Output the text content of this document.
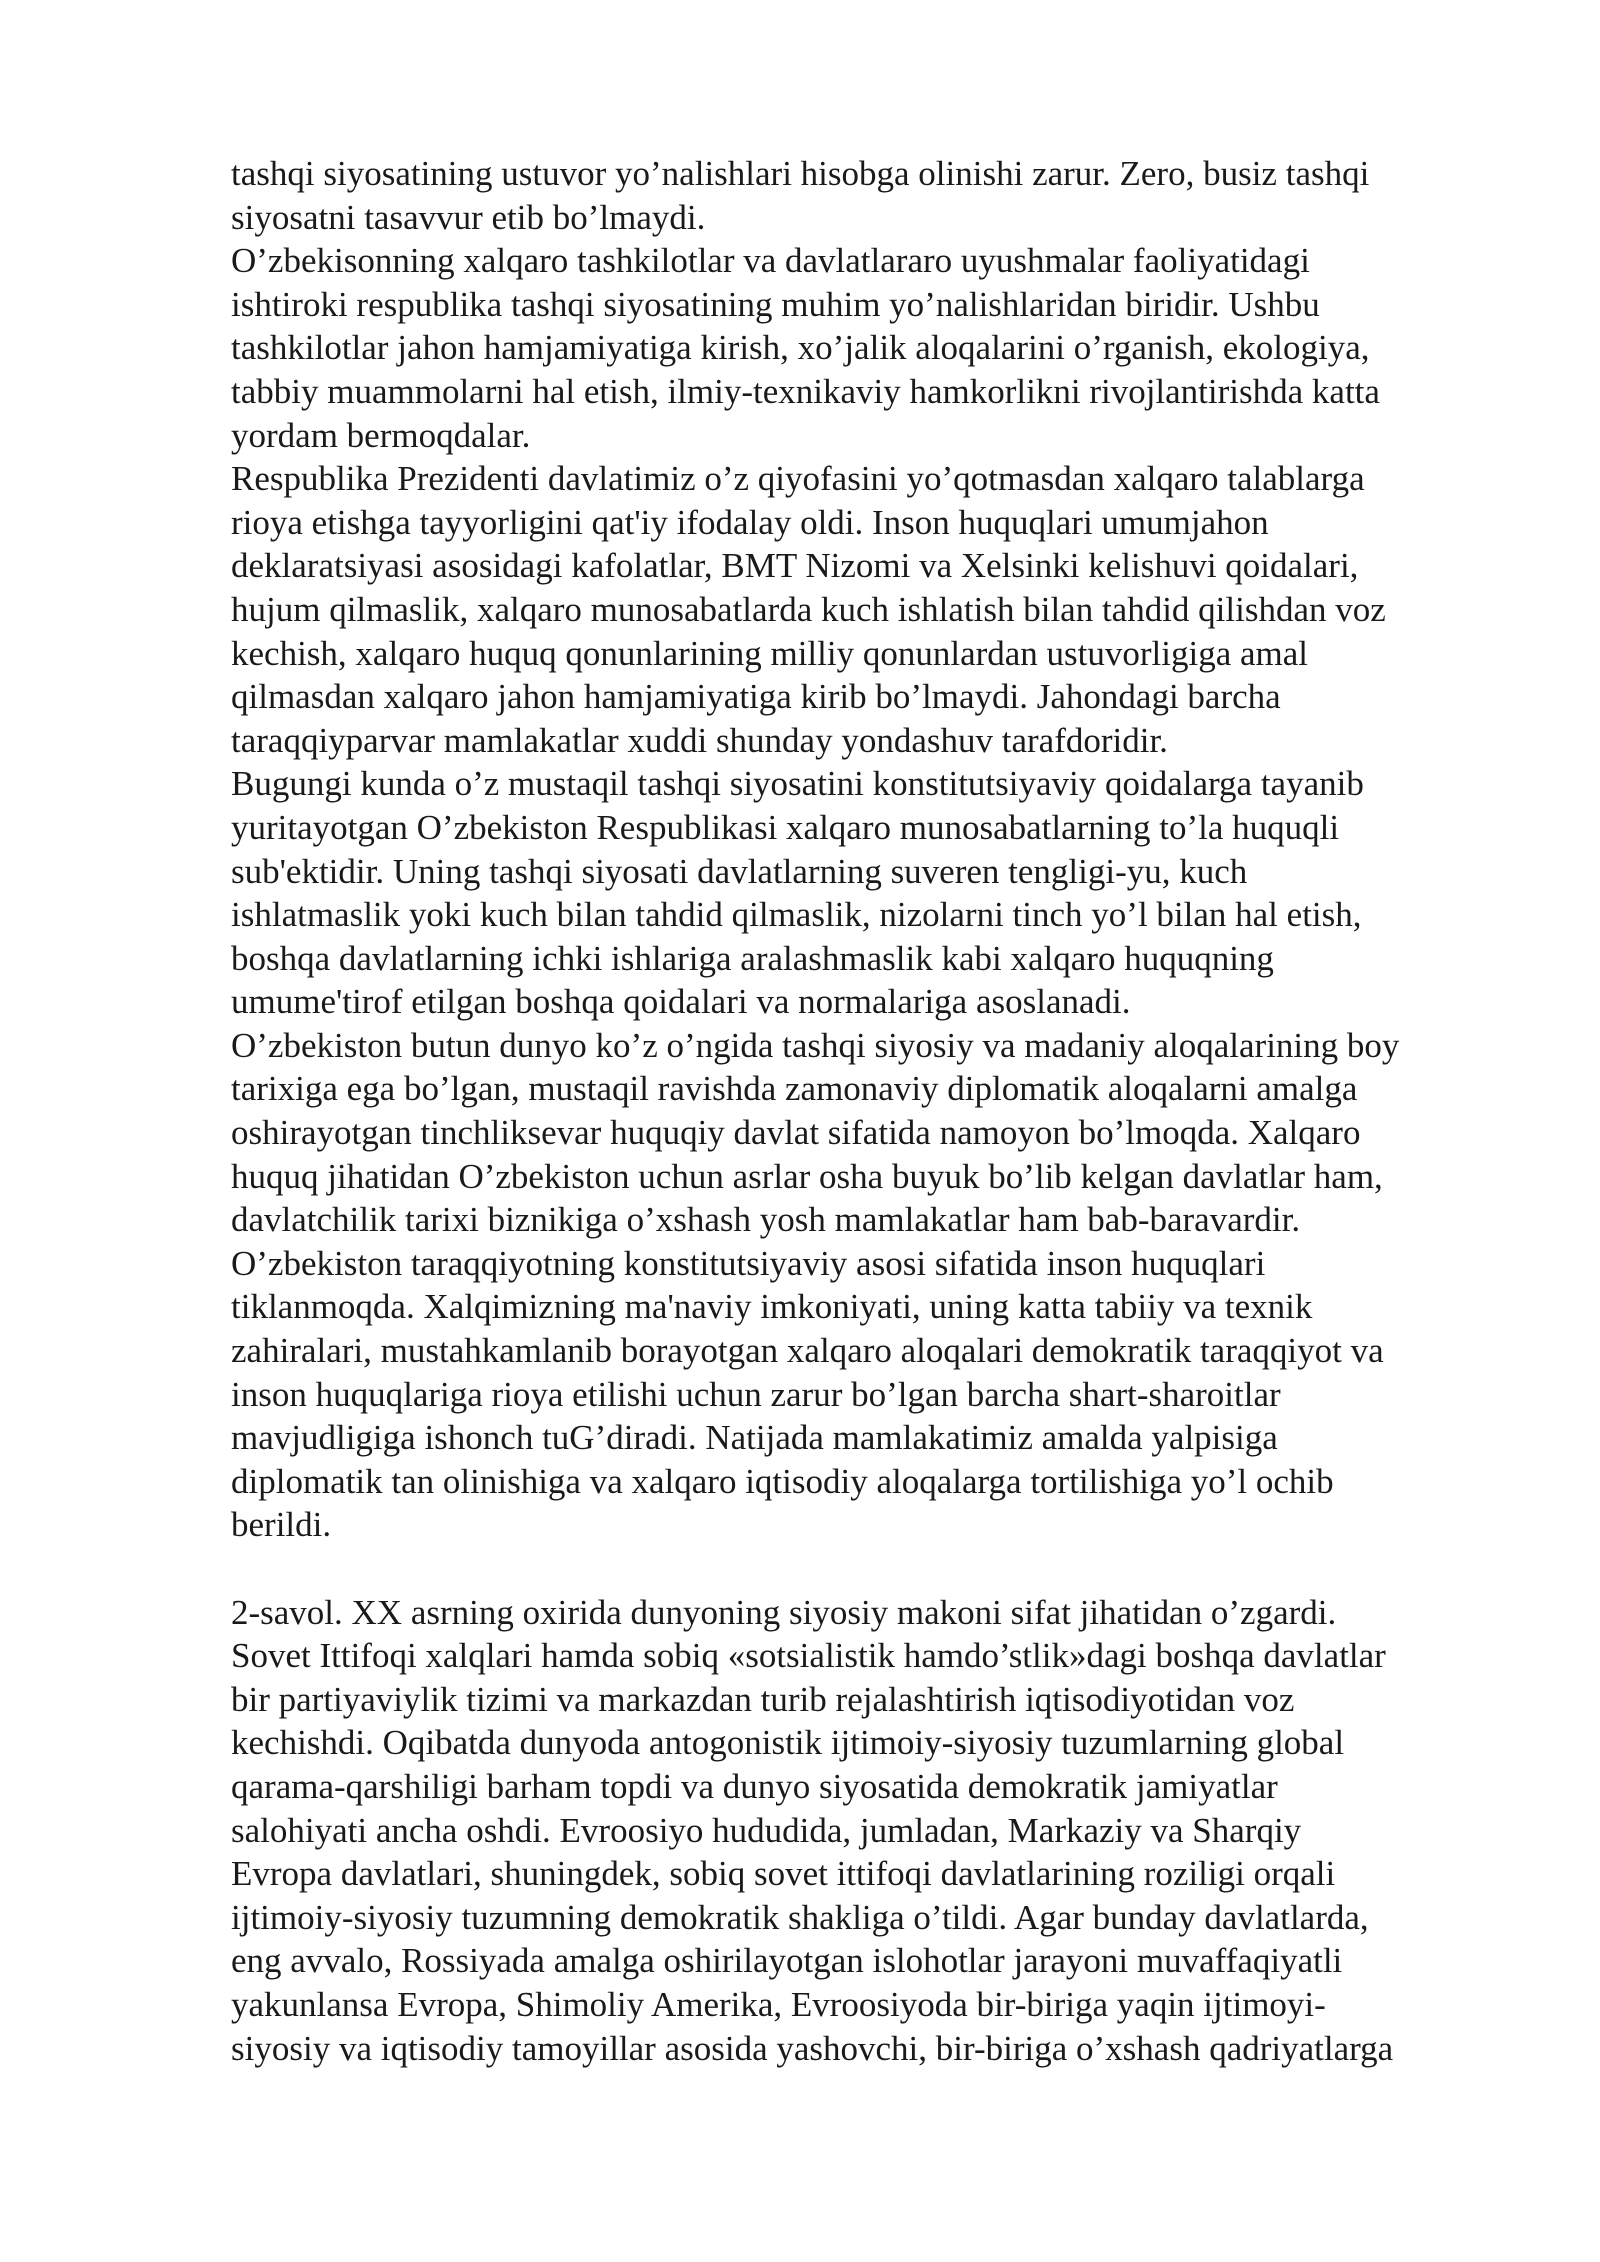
tashqi siyosatining ustuvor yo’nalishlari hisobga olinishi zarur. Zero, busiz tashqi
siyosatni tasavvur etib bo’lmaydi.
O’zbekisonning xalqaro tashkilotlar va davlatlararo uyushmalar faoliyatidagi
ishtiroki respublika tashqi siyosatining muhim yo’nalishlaridan biridir. Ushbu
tashkilotlar jahon hamjamiyatiga kirish, xo’jalik aloqalarini o’rganish, ekologiya,
tabbiy muammolarni hal etish, ilmiy-texnikaviy hamkorlikni rivojlantirishda katta
yordam bermoqdalar.
Respublika Prezidenti davlatimiz o’z qiyofasini yo’qotmasdan xalqaro talablarga
rioya etishga tayyorligini qat'iy ifodalay oldi. Inson huquqlari umumjahon
deklaratsiyasi asosidagi kafolatlar, BMT Nizomi va Xelsinki kelishuvi qoidalari,
hujum qilmaslik, xalqaro munosabatlarda kuch ishlatish bilan tahdid qilishdan voz
kechish, xalqaro huquq qonunlarining milliy qonunlardan ustuvorligiga amal
qilmasdan xalqaro jahon hamjamiyatiga kirib bo’lmaydi. Jahondagi barcha
taraqqiyparvar mamlakatlar xuddi shunday yondashuv tarafdoridir.
Bugungi kunda o’z mustaqil tashqi siyosatini konstitutsiyaviy qoidalarga tayanib
yuritayotgan O’zbekiston Respublikasi xalqaro munosabatlarning to’la huquqli
sub'ektidir. Uning tashqi siyosati davlatlarning suveren tengligi-yu, kuch
ishlatmaslik yoki kuch bilan tahdid qilmaslik, nizolarni tinch yo’l bilan hal etish,
boshqa davlatlarning ichki ishlariga aralashmaslik kabi xalqaro huquqning
umume'tirof etilgan boshqa qoidalari va normalariga asoslanadi.
O’zbekiston butun dunyo ko’z o’ngida tashqi siyosiy va madaniy aloqalarining boy
tarixiga ega bo’lgan, mustaqil ravishda zamonaviy diplomatik aloqalarni amalga
oshirayotgan tinchliksevar huquqiy davlat sifatida namoyon bo’lmoqda. Xalqaro
huquq jihatidan O’zbekiston uchun asrlar osha buyuk bo’lib kelgan davlatlar ham,
davlatchilik tarixi biznikiga o’xshash yosh mamlakatlar ham bab-baravardir.
O’zbekiston taraqqiyotning konstitutsiyaviy asosi sifatida inson huquqlari
tiklanmoqda. Xalqimizning ma'naviy imkoniyati, uning katta tabiiy va texnik
zahiralari, mustahkamlanib borayotgan xalqaro aloqalari demokratik taraqqiyot va
inson huquqlariga rioya etilishi uchun zarur bo’lgan barcha shart-sharoitlar
mavjudligiga ishonch tuG’diradi. Natijada mamlakatimiz amalda yalpisiga
diplomatik tan olinishiga va xalqaro iqtisodiy aloqalarga tortilishiga yo’l ochib
berildi.
2-savol. XX asrning oxirida dunyoning siyosiy makoni sifat jihatidan o’zgardi.
Sovet Ittifoqi xalqlari hamda sobiq «sotsialistik hamdo’stlik»dagi boshqa davlatlar
bir partiyaviylik tizimi va markazdan turib rejalashtirish iqtisodiyotidan voz
kechishdi. Oqibatda dunyoda antogonistik ijtimoiy-siyosiy tuzumlarning global
qarama-qarshiligi barham topdi va dunyo siyosatida demokratik jamiyatlar
salohiyati ancha oshdi. Evroosiyo hududida, jumladan, Markaziy va Sharqiy
Evropa davlatlari, shuningdek, sobiq sovet ittifoqi davlatlarining roziligi orqali
ijtimoiy-siyosiy tuzumning demokratik shakliga o’tildi. Agar bunday davlatlarda,
eng avvalo, Rossiyada amalga oshirilayotgan islohotlar jarayoni muvaffaqiyatli
yakunlansa Evropa, Shimoliy Amerika, Evroosiyoda bir-biriga yaqin ijtimoyi-
siyosiy va iqtisodiy tamoyillar asosida yashovchi, bir-biriga o’xshash qadriyatlarga
